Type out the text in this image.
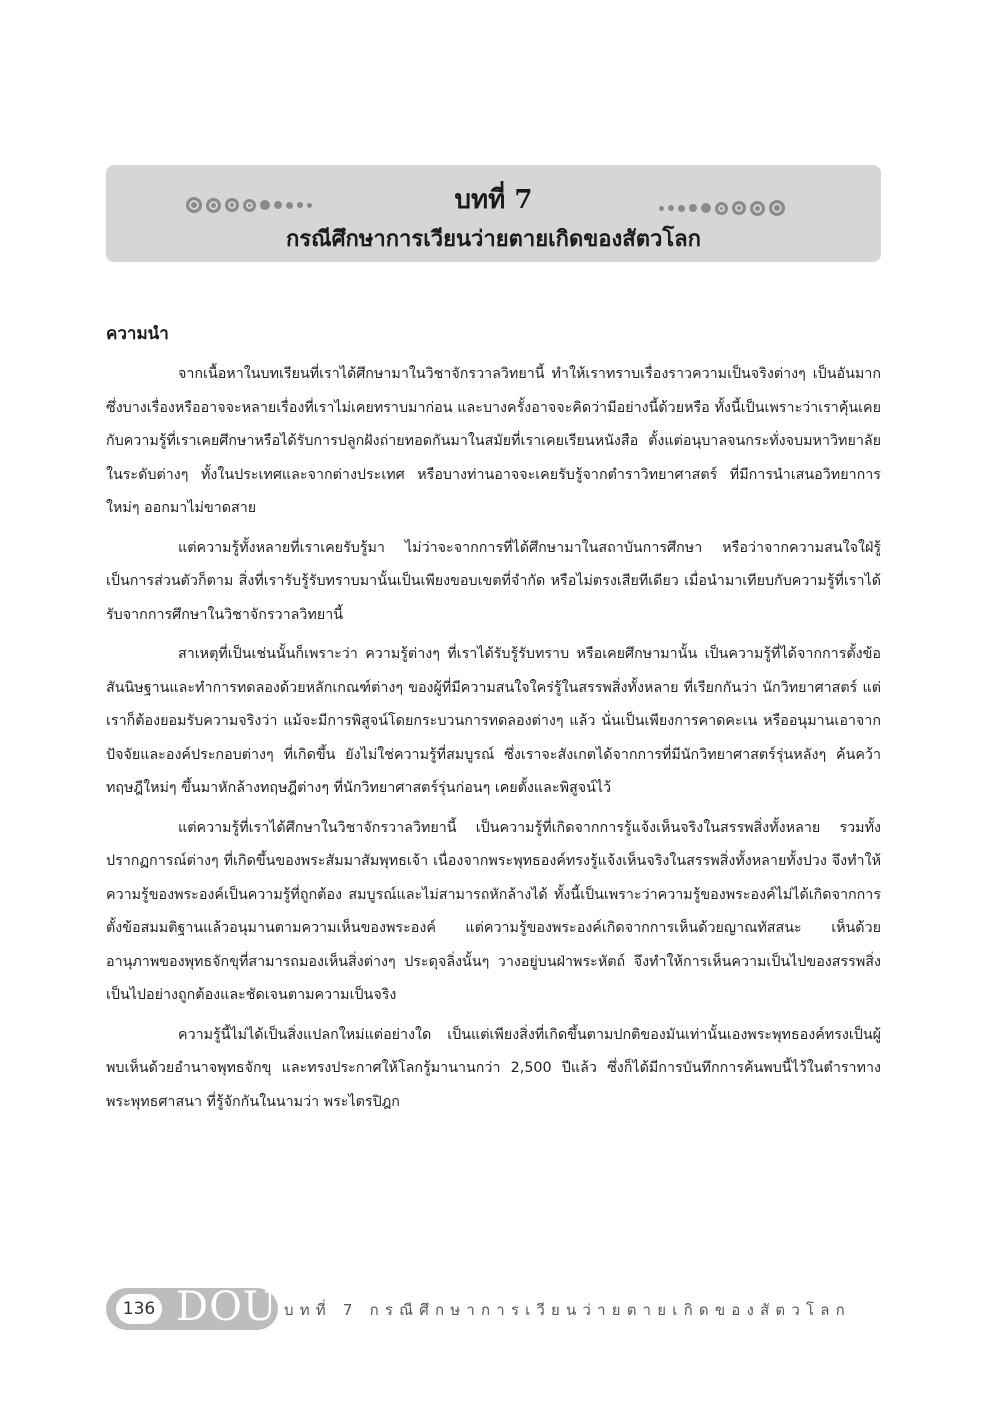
บทที่ 7
กรณีศึกษาการเวียนว่ายตายเกิดของสัตวโลก
ความนำ

จากเนื้อหาในบทเรียนที่เราได้ศึกษามาในวิชาจักรวาลวิทยานี้ ทำให้เราทราบเรื่องราวความเป็นจริงต่างๆ เป็นอันมาก ซึ่งบางเรื่องหรืออาจจะหลายเรื่องที่เราไม่เคยทราบมาก่อน และบางครั้งอาจจะคิดว่ามีอย่างนี้ด้วยหรือ ทั้งนี้เป็นเพราะว่าเราคุ้นเคยกับความรู้ที่เราเคยศึกษาหรือได้รับการปลูกฝังถ่ายทอดกันมาในสมัยที่เราเคยเรียนหนังสือ ตั้งแต่อนุบาลจนกระทั่งจบมหาวิทยาลัยในระดับต่างๆ ทั้งในประเทศและจากต่างประเทศ หรือบางท่านอาจจะเคยรับรู้จากตำราวิทยาศาสตร์ ที่มีการนำเสนอวิทยาการใหม่ๆ ออกมาไม่ขาดสาย

แต่ความรู้ทั้งหลายที่เราเคยรับรู้มา ไม่ว่าจะจากการที่ได้ศึกษามาในสถาบันการศึกษา หรือว่าจากความสนใจใฝ่รู้เป็นการส่วนตัวก็ตาม สิ่งที่เรารับรู้รับทราบมานั้นเป็นเพียงขอบเขตที่จำกัด หรือไม่ตรงเสียทีเดียว เมื่อนำมาเทียบกับความรู้ที่เราได้รับจากการศึกษาในวิชาจักรวาลวิทยานี้

สาเหตุที่เป็นเช่นนั้นก็เพราะว่า ความรู้ต่างๆ ที่เราได้รับรู้รับทราบ หรือเคยศึกษามานั้น เป็นความรู้ที่ได้จากการตั้งข้อสันนิษฐานและทำการทดลองด้วยหลักเกณฑ์ต่างๆ ของผู้ที่มีความสนใจใคร่รู้ในสรรพสิ่งทั้งหลาย ที่เรียกกันว่า นักวิทยาศาสตร์ แต่เราก็ต้องยอมรับความจริงว่า แม้จะมีการพิสูจน์โดยกระบวนการทดลองต่างๆ แล้ว นั่นเป็นเพียงการคาดคะเน หรืออนุมานเอาจากปัจจัยและองค์ประกอบต่างๆ ที่เกิดขึ้น ยังไม่ใช่ความรู้ที่สมบูรณ์ ซึ่งเราจะสังเกตได้จากการที่มีนักวิทยาศาสตร์รุ่นหลังๆ ค้นคว้าทฤษฎีใหม่ๆ ขึ้นมาหักล้างทฤษฎีต่างๆ ที่นักวิทยาศาสตร์รุ่นก่อนๆ เคยตั้งและพิสูจน์ไว้

แต่ความรู้ที่เราได้ศึกษาในวิชาจักรวาลวิทยานี้ เป็นความรู้ที่เกิดจากการรู้แจ้งเห็นจริงในสรรพสิ่งทั้งหลาย รวมทั้งปรากฏการณ์ต่างๆ ที่เกิดขึ้นของพระสัมมาสัมพุทธเจ้า เนื่องจากพระพุทธองค์ทรงรู้แจ้งเห็นจริงในสรรพสิ่งทั้งหลายทั้งปวง จึงทำให้ความรู้ของพระองค์เป็นความรู้ที่ถูกต้อง สมบูรณ์และไม่สามารถหักล้างได้ ทั้งนี้เป็นเพราะว่าความรู้ของพระองค์ไม่ได้เกิดจากการตั้งข้อสมมติฐานแล้วอนุมานตามความเห็นของพระองค์ แต่ความรู้ของพระองค์เกิดจากการเห็นด้วยญาณทัสสนะ เห็นด้วยอานุภาพของพุทธจักขุที่สามารถมองเห็นสิ่งต่างๆ ประดุจลิ่งนั้นๆ วางอยู่บนฝ่าพระหัตถ์ จึงทำให้การเห็นความเป็นไปของสรรพสิ่งเป็นไปอย่างถูกต้องและชัดเจนตามความเป็นจริง

ความรู้นี้ไม่ได้เป็นสิ่งแปลกใหม่แต่อย่างใด เป็นแต่เพียงสิ่งที่เกิดขึ้นตามปกติของมันเท่านั้นเองพระพุทธองค์ทรงเป็นผู้พบเห็นด้วยอำนาจพุทธจักขุ และทรงประกาศให้โลกรู้มานานกว่า 2,500 ปีแล้ว ซึ่งก็ได้มีการบันทึกการค้นพบนี้ไว้ในตำราทางพระพุทธศาสนา ที่รู้จักกันในนามว่า พระไตรปิฎก

136 DOU บทที่ 7 กรณีศึกษาการเวียนว่ายตายเกิดของสัตวโลก
